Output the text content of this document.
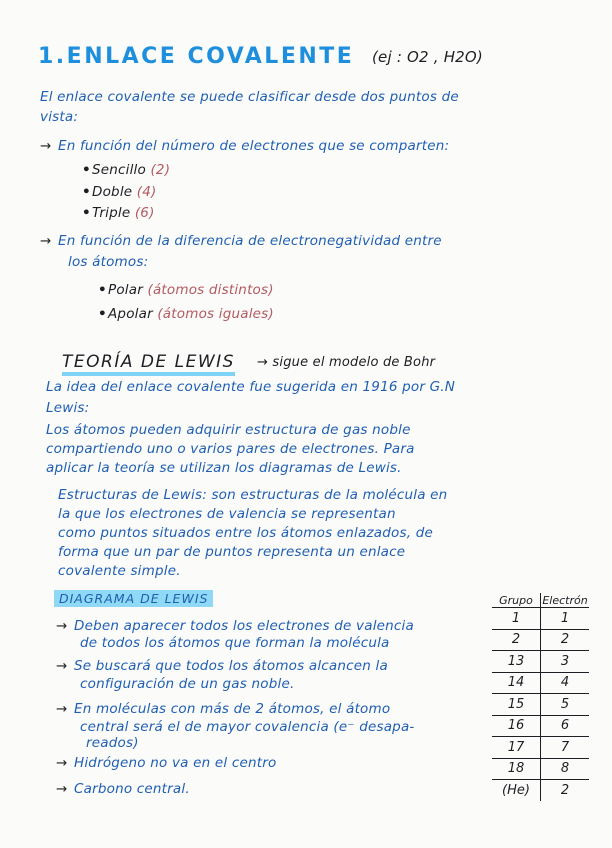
1.ENLACE COVALENTE (ej : O2 , H2O)
El enlace covalente se puede clasificar desde dos puntos de
vista:
→ En función del número de electrones que se comparten:
•Sencillo (2)
•Doble (4)
•Triple (6)
→ En función de la diferencia de electronegatividad entre
los átomos:
•Polar (átomos distintos)
•Apolar (átomos iguales)
TEORÍA DE LEWIS → sigue el modelo de Bohr
La idea del enlace covalente fue sugerida en 1916 por G.N
Lewis:
Los átomos pueden adquirir estructura de gas noble
compartiendo uno o varios pares de electrones. Para
aplicar la teoría se utilizan los diagramas de Lewis.
Estructuras de Lewis: son estructuras de la molécula en
la que los electrones de valencia se representan
como puntos situados entre los átomos enlazados, de
forma que un par de puntos representa un enlace
covalente simple.
DIAGRAMA DE LEWIS
→ Deben aparecer todos los electrones de valencia
de todos los átomos que forman la molécula
→ Se buscará que todos los átomos alcancen la
configuración de un gas noble.
→ En moléculas con más de 2 átomos, el átomo
central será el de mayor covalencia (e⁻ desapa-
reados)
→ Hidrógeno no va en el centro
→ Carbono central.
Grupo	Electrón
1	1
2	2
13	3
14	4
15	5
16	6
17	7
18	8
(He)	2
